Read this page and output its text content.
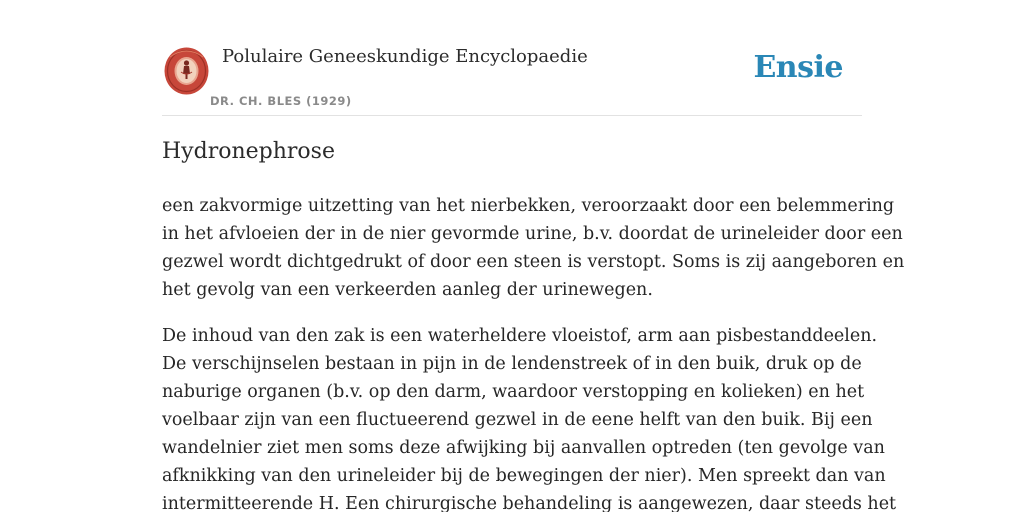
Polulaire Geneeskundige Encyclopaedie
DR. CH. BLES (1929)
Ensie
Hydronephrose

een zakvormige uitzetting van het nierbekken, veroorzaakt door een belemmering
in het afvloeien der in de nier gevormde urine, b.v. doordat de urineleider door een
gezwel wordt dichtgedrukt of door een steen is verstopt. Soms is zij aangeboren en
het gevolg van een verkeerden aanleg der urinewegen.

De inhoud van den zak is een waterheldere vloeistof, arm aan pisbestanddeelen.
De verschijnselen bestaan in pijn in de lendenstreek of in den buik, druk op de
naburige organen (b.v. op den darm, waardoor verstopping en kolieken) en het
voelbaar zijn van een fluctueerend gezwel in de eene helft van den buik. Bij een
wandelnier ziet men soms deze afwijking bij aanvallen optreden (ten gevolge van
afknikking van den urineleider bij de bewegingen der nier). Men spreekt dan van
intermitteerende H. Een chirurgische behandeling is aangewezen, daar steeds het
